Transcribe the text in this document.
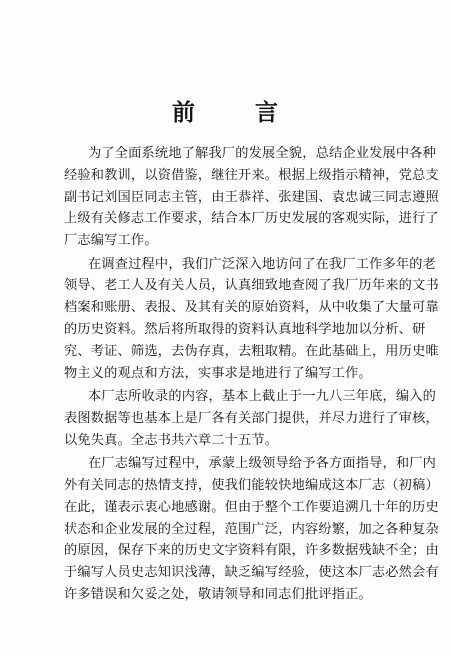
前 言
为了全面系统地了解我厂的发展全貌，总结企业发展中各种
经验和教训，以资借鉴，继往开来。根据上级指示精神，党总支
副书记刘国臣同志主管，由王恭祥、张建国、袁忠诚三同志遵照
上级有关修志工作要求，结合本厂历史发展的客观实际，进行了
厂志编写工作。
在调查过程中，我们广泛深入地访问了在我厂工作多年的老
领导、老工人及有关人员，认真细致地查阅了我厂历年来的文书
档案和账册、表报、及其有关的原始资料，从中收集了大量可靠
的历史资料。然后将所取得的资料认真地科学地加以分析、研
究、考证、筛选，去伪存真，去粗取精。在此基础上，用历史唯
物主义的观点和方法，实事求是地进行了编写工作。
本厂志所收录的内容，基本上截止于一九八三年底，编入的
表图数据等也基本上是厂各有关部门提供，并尽力进行了审核，
以免失真。全志书共六章二十五节。
在厂志编写过程中，承蒙上级领导给予各方面指导，和厂内
外有关同志的热情支持，使我们能较快地编成这本厂志（初稿）
在此，谨表示衷心地感谢。但由于整个工作要追溯几十年的历史
状态和企业发展的全过程，范围广泛，内容纷繁，加之各种复杂
的原因，保存下来的历史文字资料有限，许多数据残缺不全；由
于编写人员史志知识浅薄，缺乏编写经验，使这本厂志必然会有
许多错误和欠妥之处，敬请领导和同志们批评指正。
